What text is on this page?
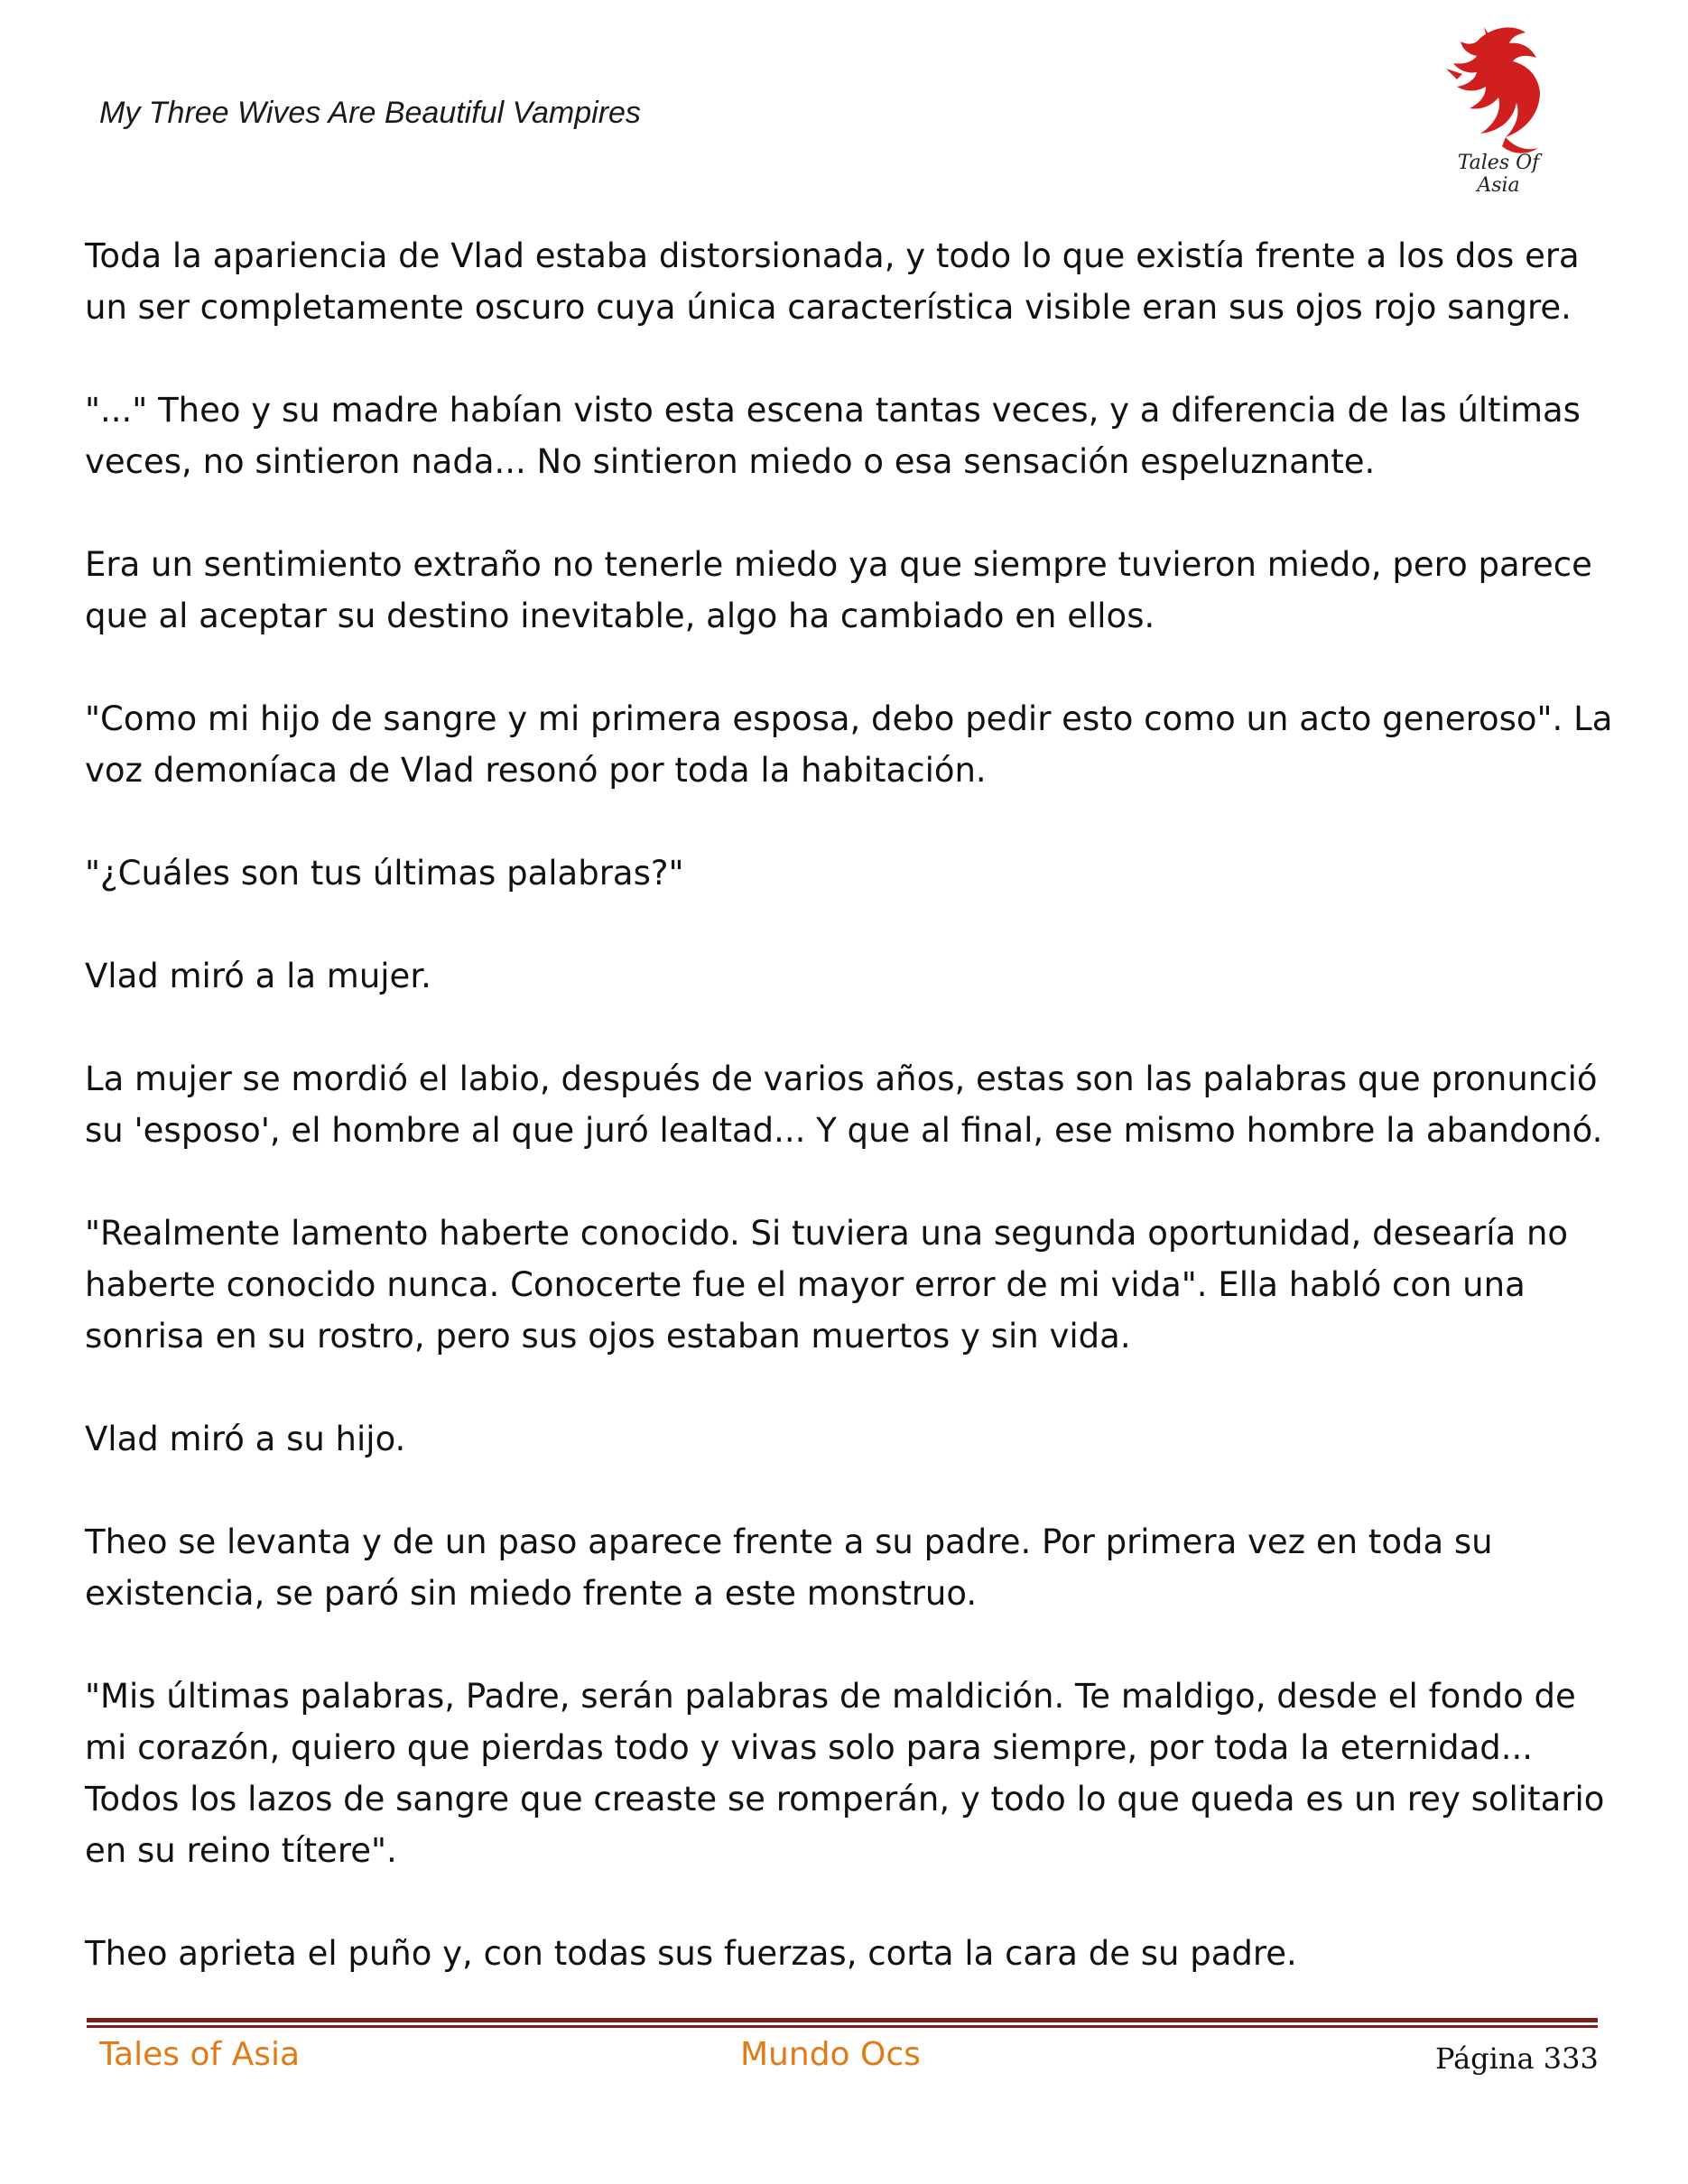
My Three Wives Are Beautiful Vampires
Tales Of Asia

Toda la apariencia de Vlad estaba distorsionada, y todo lo que existía frente a los dos era un ser completamente oscuro cuya única característica visible eran sus ojos rojo sangre.

"..." Theo y su madre habían visto esta escena tantas veces, y a diferencia de las últimas veces, no sintieron nada... No sintieron miedo o esa sensación espeluznante.

Era un sentimiento extraño no tenerle miedo ya que siempre tuvieron miedo, pero parece que al aceptar su destino inevitable, algo ha cambiado en ellos.

"Como mi hijo de sangre y mi primera esposa, debo pedir esto como un acto generoso". La voz demoníaca de Vlad resonó por toda la habitación.

"¿Cuáles son tus últimas palabras?"

Vlad miró a la mujer.

La mujer se mordió el labio, después de varios años, estas son las palabras que pronunció su 'esposo', el hombre al que juró lealtad... Y que al final, ese mismo hombre la abandonó.

"Realmente lamento haberte conocido. Si tuviera una segunda oportunidad, desearía no haberte conocido nunca. Conocerte fue el mayor error de mi vida". Ella habló con una sonrisa en su rostro, pero sus ojos estaban muertos y sin vida.

Vlad miró a su hijo.

Theo se levanta y de un paso aparece frente a su padre. Por primera vez en toda su existencia, se paró sin miedo frente a este monstruo.

"Mis últimas palabras, Padre, serán palabras de maldición. Te maldigo, desde el fondo de mi corazón, quiero que pierdas todo y vivas solo para siempre, por toda la eternidad... Todos los lazos de sangre que creaste se romperán, y todo lo que queda es un rey solitario en su reino títere".

Theo aprieta el puño y, con todas sus fuerzas, corta la cara de su padre.

Tales of Asia	Mundo Ocs	Página 333
